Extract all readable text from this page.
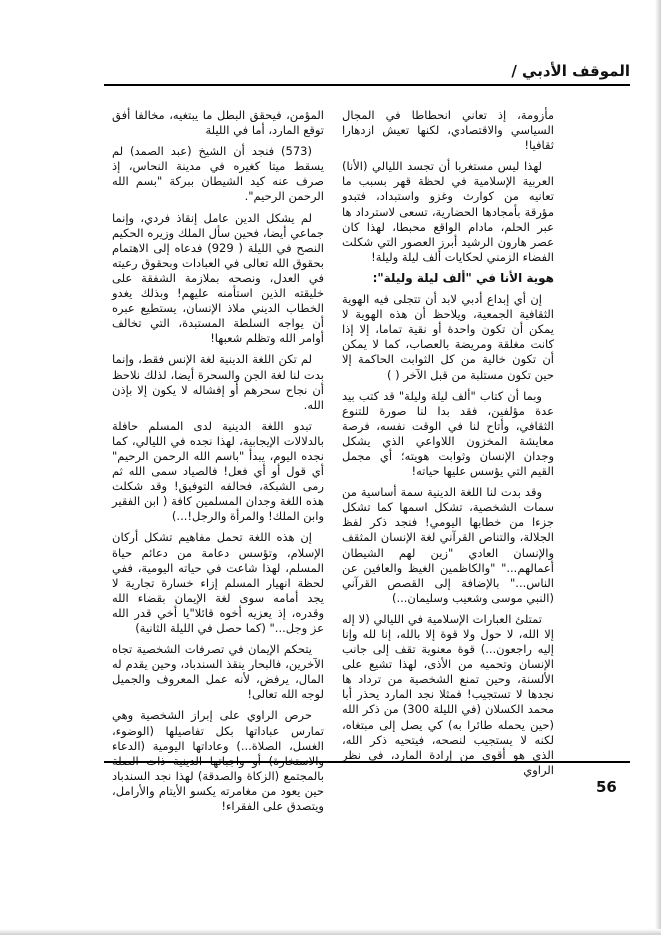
الموقف الأدبي /

مأزومة، إذ تعاني انحطاطا في المجال السياسي والاقتصادي، لكنها تعيش ازدهارا ثقافيا!

لهذا ليس مستغربا أن تجسد الليالي (الأنا) العربية الإسلامية في لحظة قهر بسبب ما تعانيه من كوارث وغزو واستبداد، فتبدو مؤرقة بأمجادها الحضارية، تسعى لاسترداد ها عبر الحلم، مادام الواقع محبطا، لهذا كان عصر هارون الرشيد أبرز العصور التي شكلت الفضاء الزمني لحكايات ألف ليلة وليلة!

هوية الأنا في "ألف ليلة وليلة":

إن أي إبداع أدبي لابد أن تتجلى فيه الهوية الثقافية الجمعية، ويلاحظ أن هذه الهوية لا يمكن أن تكون واحدة أو نقية تماما، إلا إذا كانت مغلقة ومريضة بالعصاب، كما لا يمكن أن تكون خالية من كل الثوابت الحاكمة إلا حين تكون مستلبة من قبل الآخر ( )

وبما أن كتاب "ألف ليلة وليلة" قد كتب بيد عدة مؤلفين، فقد بدا لنا صورة للتنوع الثقافي، وأتاح لنا في الوقت نفسه، فرصة معايشة المخزون اللاواعي الذي يشكل وجدان الإنسان وثوابت هويته؛ أي مجمل القيم التي يؤسس عليها حياته!

وقد بدت لنا اللغة الدينية سمة أساسية من سمات الشخصية، تشكل اسمها كما تشكل جزءا من خطابها اليومي! فنجد ذكر لفظ الجلالة، والتناص القرآني لغة الإنسان المثقف والإنسان العادي "زين لهم الشيطان أعمالهم..." "والكاظمين الغيظ والعافين عن الناس..." بالإضافة إلى القصص القرآني (النبي موسى وشعيب وسليمان...)

تمتلئ العبارات الإسلامية في الليالي (لا إله إلا الله، لا حول ولا قوة إلا بالله، إنا لله وإنا إليه راجعون...) قوة معنوية تقف إلى جانب الإنسان وتحميه من الأذى، لهذا تشيع على الألسنة، وحين تمنع الشخصية من ترداد ها نجدها لا تستجيب! فمثلا نجد المارد يحذر أبا محمد الكسلان (في الليلة 300) من ذكر الله (حين يحمله طائرا به) كي يصل إلى مبتغاه، لكنه لا يستجيب لنصحه، فيتحيه ذكر الله، الذي هو أقوى من إرادة المارد، في نظر الراوي

المؤمن، فيحقق البطل ما يبتغيه، مخالفا أفق توقع المارد، أما في الليلة

(573) فنجد أن الشيخ (عبد الصمد) لم يسقط ميتا كغيره في مدينة النحاس، إذ صرف عنه كيد الشيطان ببركة "بسم الله الرحمن الرحيم".

لم يشكل الدين عامل إنقاذ فردي، وإنما جماعي أيضا، فحين سأل الملك وزيره الحكيم النصح في الليلة ( 929) فدعاه إلى الاهتمام بحقوق الله تعالى في العبادات وبحقوق رعيته في العدل، ونصحه بملازمة الشفقة على خليقته الذين استأمنه عليهم! وبذلك يغدو الخطاب الديني ملاذ الإنسان، يستطيع عبره أن يواجه السلطة المستبدة، التي تخالف أوامر الله وتظلم شعبها!

لم تكن اللغة الدينية لغة الإنس فقط، وإنما بدت لنا لغة الجن والسحرة أيضا، لذلك نلاحظ أن نجاح سحرهم أو إفشاله لا يكون إلا بإذن الله.

تبدو اللغة الدينية لدى المسلم حافلة بالدلالات الإيجابية، لهذا نجده في الليالي، كما نجده اليوم، يبدأ "باسم الله الرحمن الرحيم" أي قول أو أي فعل! فالصياد سمى الله ثم رمى الشبكة، فحالفه التوفيق! وقد شكلت هذه اللغة وجدان المسلمين كافة ( ابن الفقير وابن الملك! والمرأة والرجل!...)

إن هذه اللغة تحمل مفاهيم تشكل أركان الإسلام، وتؤسس دعامة من دعائم حياة المسلم، لهذا شاعت في حياته اليومية، ففي لحظة انهيار المسلم إزاء خسارة تجارية لا يجد أمامه سوى لغة الإيمان بقضاء الله وقدره، إذ يعزيه أخوه قائلا"يا أخي قدر الله عز وجل..." (كما حصل في الليلة الثانية)

يتحكم الإيمان في تصرفات الشخصية تجاه الآخرين، فالبحار ينقذ السندباد، وحين يقدم له المال، يرفض، لأنه عمل المعروف والجميل لوجه الله تعالى!

حرص الراوي على إبراز الشخصية وهي تمارس عباداتها بكل تفاصيلها (الوضوء، الغسل، الصلاة...) وعاداتها اليومية (الدعاء والاستخارة) أو واجباتها الدينية ذات الصلة بالمجتمع (الزكاة والصدقة) لهذا نجد السندباد حين يعود من مغامرته يكسو الأيتام والأرامل، ويتصدق على الفقراء!

56
